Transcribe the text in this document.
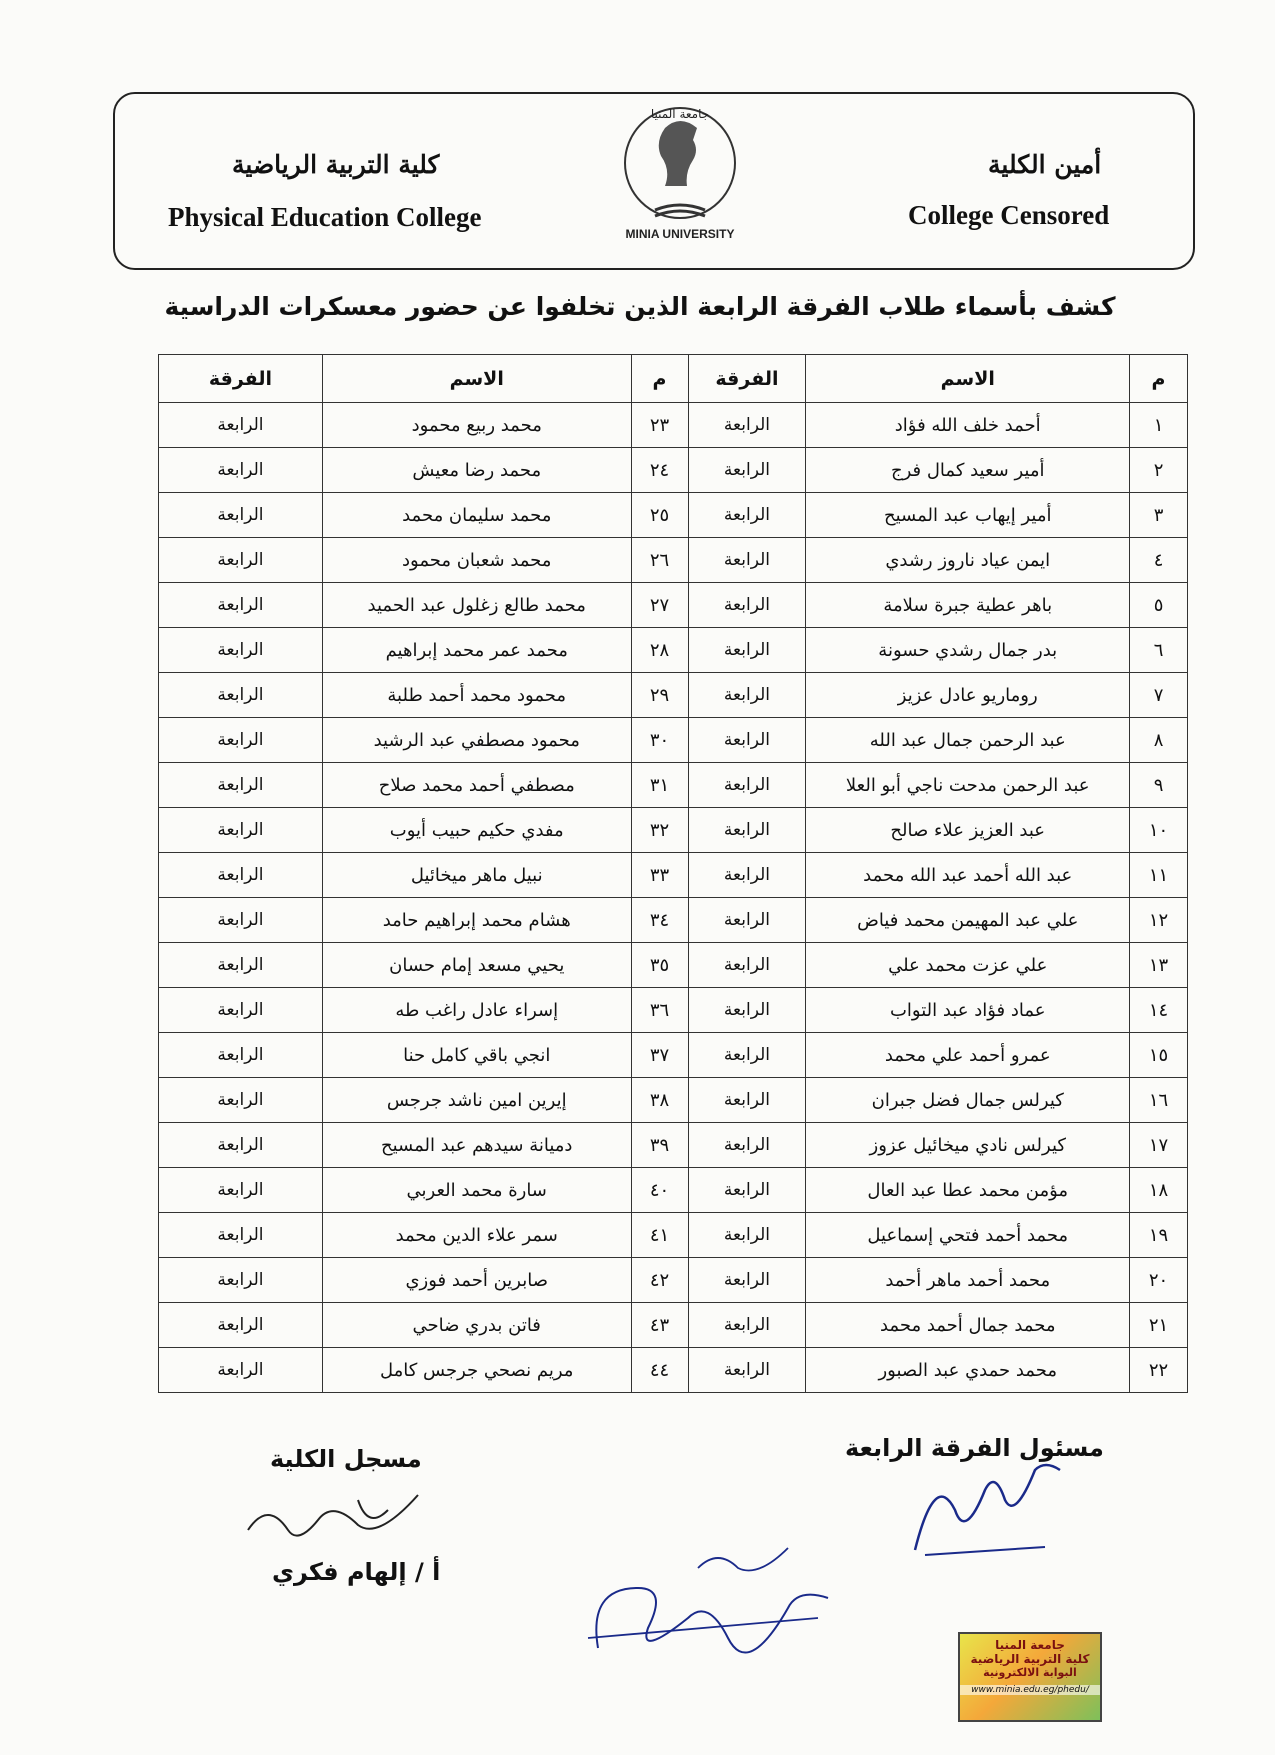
كلية التربية الرياضية
Physical Education College
جامعة المنيا
MINIA UNIVERSITY
أمين الكلية
College Censored
كشف بأسماء طلاب الفرقة الرابعة الذين تخلفوا عن حضور معسكرات الدراسية
م	الاسم	الفرقة	م	الاسم	الفرقة
١	أحمد خلف الله فؤاد	الرابعة	٢٣	محمد ربيع محمود	الرابعة
٢	أمير سعيد كمال فرج	الرابعة	٢٤	محمد رضا معيش	الرابعة
٣	أمير إيهاب عبد المسيح	الرابعة	٢٥	محمد سليمان محمد	الرابعة
٤	ايمن عياد ناروز رشدي	الرابعة	٢٦	محمد شعبان محمود	الرابعة
٥	باهر عطية جبرة سلامة	الرابعة	٢٧	محمد طالع زغلول عبد الحميد	الرابعة
٦	بدر جمال رشدي حسونة	الرابعة	٢٨	محمد عمر محمد إبراهيم	الرابعة
٧	روماريو عادل عزيز	الرابعة	٢٩	محمود محمد أحمد طلبة	الرابعة
٨	عبد الرحمن جمال عبد الله	الرابعة	٣٠	محمود مصطفي عبد الرشيد	الرابعة
٩	عبد الرحمن مدحت ناجي أبو العلا	الرابعة	٣١	مصطفي أحمد محمد صلاح	الرابعة
١٠	عبد العزيز علاء صالح	الرابعة	٣٢	مفدي حكيم حبيب أيوب	الرابعة
١١	عبد الله أحمد عبد الله محمد	الرابعة	٣٣	نبيل ماهر ميخائيل	الرابعة
١٢	علي عبد المهيمن محمد فياض	الرابعة	٣٤	هشام محمد إبراهيم حامد	الرابعة
١٣	علي عزت محمد علي	الرابعة	٣٥	يحيي مسعد إمام حسان	الرابعة
١٤	عماد فؤاد عبد التواب	الرابعة	٣٦	إسراء عادل راغب طه	الرابعة
١٥	عمرو أحمد علي محمد	الرابعة	٣٧	انجي باقي كامل حنا	الرابعة
١٦	كيرلس جمال فضل جبران	الرابعة	٣٨	إيرين امين ناشد جرجس	الرابعة
١٧	كيرلس نادي ميخائيل عزوز	الرابعة	٣٩	دميانة سيدهم عبد المسيح	الرابعة
١٨	مؤمن محمد عطا عبد العال	الرابعة	٤٠	سارة محمد العربي	الرابعة
١٩	محمد أحمد فتحي إسماعيل	الرابعة	٤١	سمر علاء الدين محمد	الرابعة
٢٠	محمد أحمد ماهر أحمد	الرابعة	٤٢	صابرين أحمد فوزي	الرابعة
٢١	محمد جمال أحمد محمد	الرابعة	٤٣	فاتن بدري ضاحي	الرابعة
٢٢	محمد حمدي عبد الصبور	الرابعة	٤٤	مريم نصحي جرجس كامل	الرابعة
مسئول الفرقة الرابعة
مسجل الكلية
أ / إلهام فكري
جامعة المنيا
كلية التربية الرياضية
البوابة الالكترونية
www.minia.edu.eg/phedu/
